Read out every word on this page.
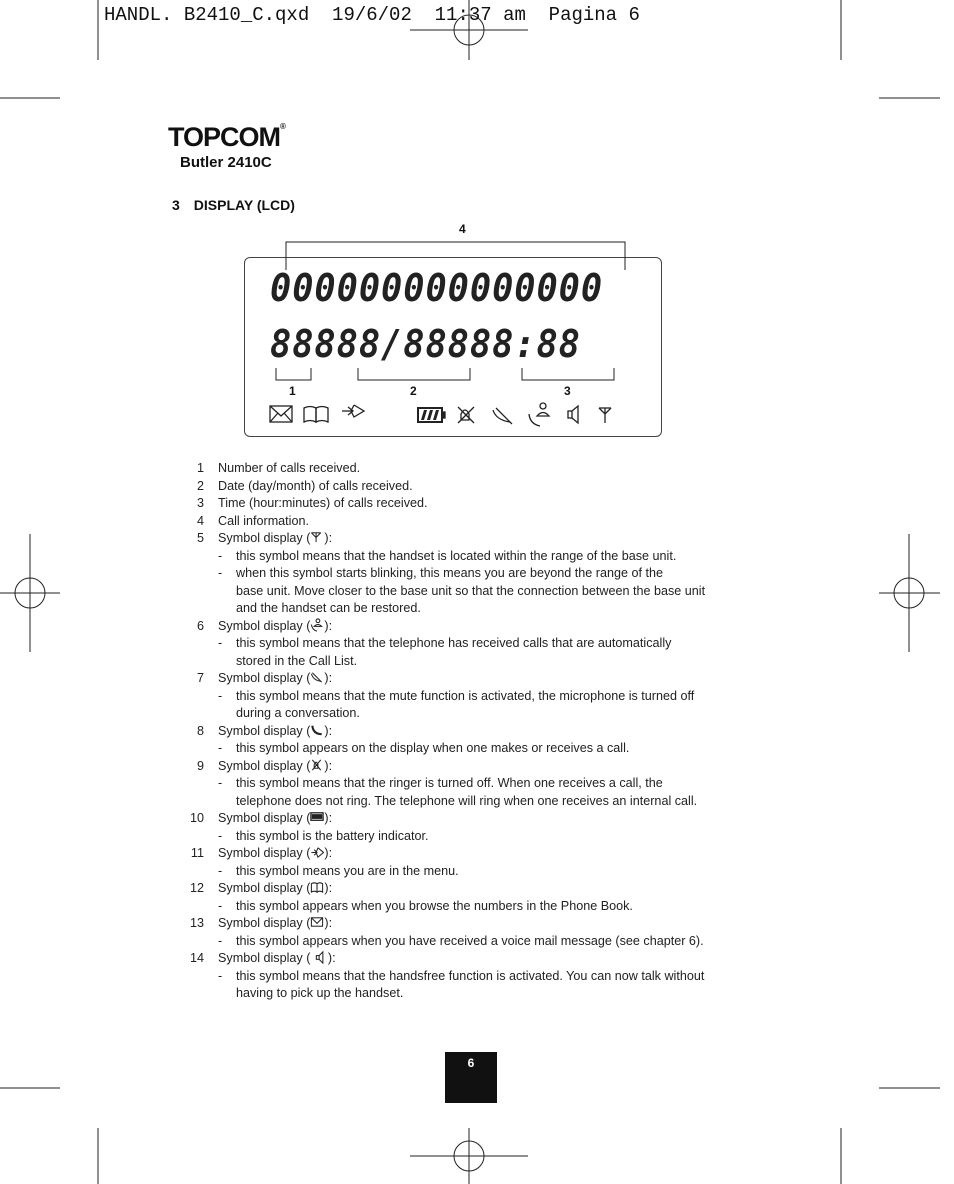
HANDL. B2410_C.qxd  19/6/02  11:37 am  Pagina 6
TOPCOM®
Butler 2410C
3 DISPLAY (LCD)
000000000000000
88888/88888:88
4
1	2	3
1 Number of calls received.
2 Date (day/month) of calls received.
3 Time (hour:minutes) of calls received.
4 Call information.
5 Symbol display ( ):
-	this symbol means that the handset is located within the range of the base unit.
-	when this symbol starts blinking, this means you are beyond the range of the
base unit. Move closer to the base unit so that the connection between the base unit
and the handset can be restored.
6 Symbol display ( ):
-	this symbol means that the telephone has received calls that are automatically
stored in the Call List.
7 Symbol display ( ):
-	this symbol means that the mute function is activated, the microphone is turned off
during a conversation.
8 Symbol display ( ):
-	this symbol appears on the display when one makes or receives a call.
9 Symbol display ( ):
-	this symbol means that the ringer is turned off. When one receives a call, the
telephone does not ring. The telephone will ring when one receives an internal call.
10 Symbol display ( ):
-	this symbol is the battery indicator.
11 Symbol display ( ):
-	this symbol means you are in the menu.
12 Symbol display ( ):
-	this symbol appears when you browse the numbers in the Phone Book.
13 Symbol display ( ):
-	this symbol appears when you have received a voice mail message (see chapter 6).
14 Symbol display ( ):
-	this symbol means that the handsfree function is activated. You can now talk without
having to pick up the handset.
6
